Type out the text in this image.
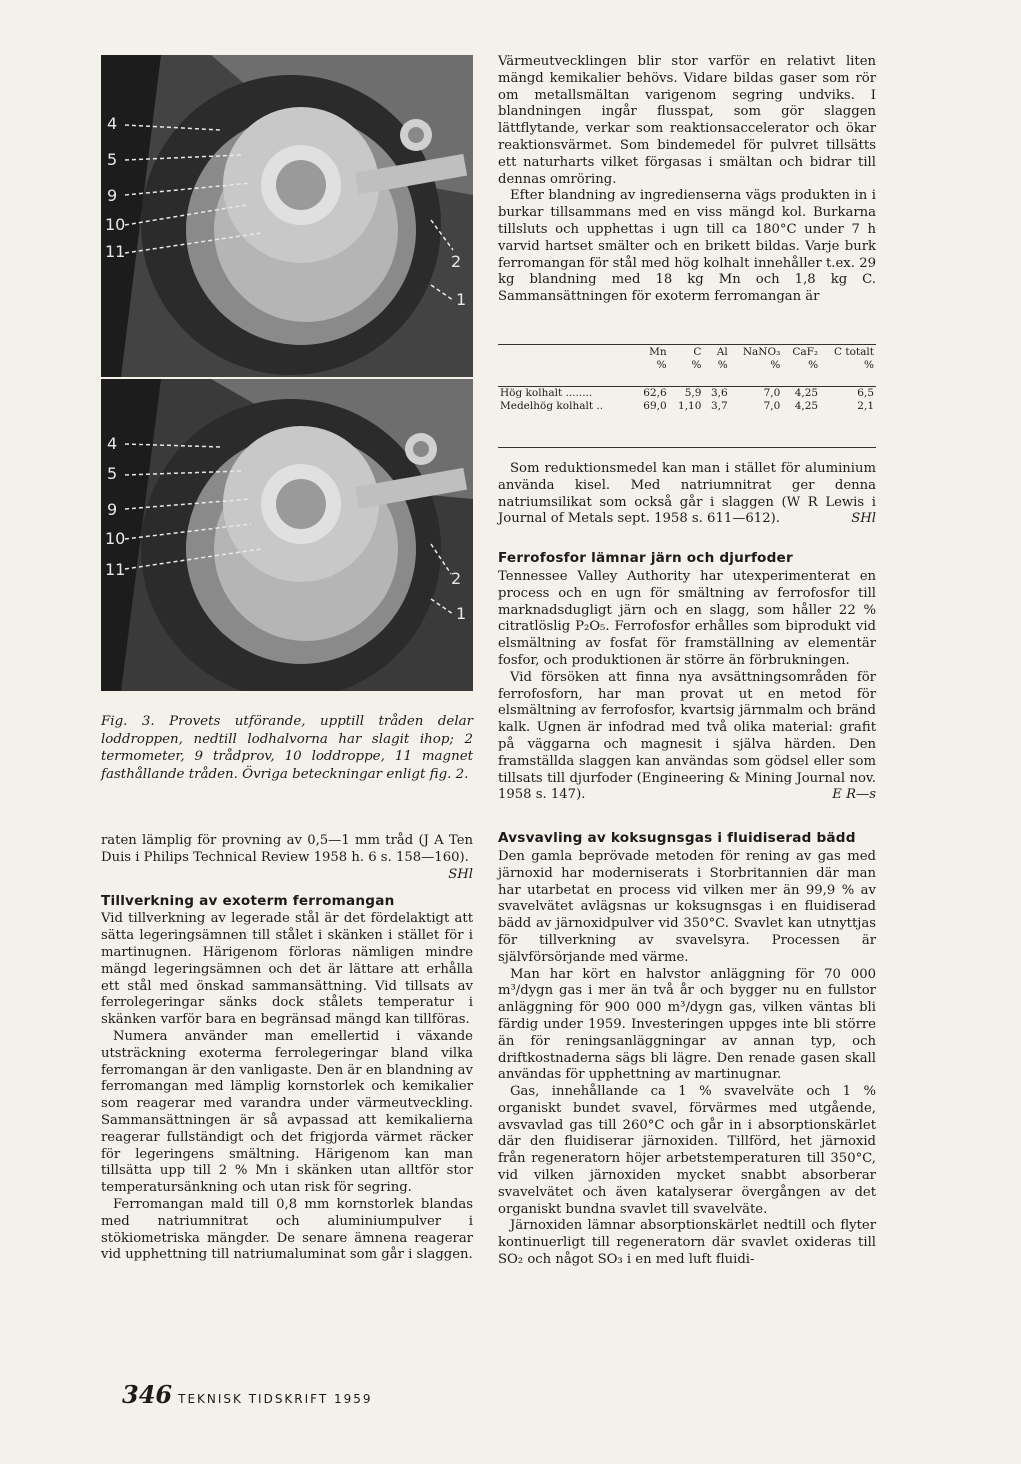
4
5
9
10
11
2
1
4
5
9
10
11	2
1
Fig. 3. Provets utförande, upptill tråden delar loddroppen, nedtill lodhalvorna har slagit ihop; 2 termometer, 9 trådprov, 10 loddroppe, 11 magnet fasthållande tråden. Övriga beteckningar enligt fig. 2.

raten lämplig för provning av 0,5—1 mm tråd (J A Ten Duis i Philips Technical Review 1958 h. 6 s. 158—160).
SHl

Tillverkning av exoterm ferromangan

Vid tillverkning av legerade stål är det fördelaktigt att sätta legeringsämnen till stålet i skänken i stället för i martinugnen. Härigenom förloras nämligen mindre mängd legeringsämnen och det är lättare att erhålla ett stål med önskad sammansättning. Vid tillsats av ferrolegeringar sänks dock stålets temperatur i skänken varför bara en begränsad mängd kan tillföras.

Numera använder man emellertid i växande utsträckning exoterma ferrolegeringar bland vilka ferromangan är den vanligaste. Den är en blandning av ferromangan med lämplig kornstorlek och kemikalier som reagerar med varandra under värmeutveckling. Sammansättningen är så avpassad att kemikalierna reagerar fullständigt och det frigjorda värmet räcker för legeringens smältning. Härigenom kan man tillsätta upp till 2 % Mn i skänken utan alltför stor temperatursänkning och utan risk för segring.

Ferromangan mald till 0,8 mm kornstorlek blandas med natriumnitrat och aluminiumpulver i stökiometriska mängder. De senare ämnena reagerar vid upphettning till natriumaluminat som går i slaggen.

Värmeutvecklingen blir stor varför en relativt liten mängd kemikalier behövs. Vidare bildas gaser som rör om metallsmältan varigenom segring undviks. I blandningen ingår flusspat, som gör slaggen lättflytande, verkar som reaktionsaccelerator och ökar reaktionsvärmet. Som bindemedel för pulvret tillsätts ett naturharts vilket förgasas i smältan och bidrar till dennas omröring.

Efter blandning av ingredienserna vägs produkten in i burkar tillsammans med en viss mängd kol. Burkarna tillsluts och upphettas i ugn till ca 180°C under 7 h varvid hartset smälter och en brikett bildas. Varje burk ferromangan för stål med hög kolhalt innehåller t.ex. 29 kg blandning med 18 kg Mn och 1,8 kg C. Sammansättningen för exoterm ferromangan är

	Mn	C	Al	NaNO₃	CaF₂	C totalt
	%	%	%	%	%	%

Hög kolhalt ........	62,6	5,9	3,6	7,0	4,25	6,5
Medelhög kolhalt ..	69,0	1,10	3,7	7,0	4,25	2,1

Som reduktionsmedel kan man i stället för aluminium använda kisel. Med natriumnitrat ger denna natriumsilikat som också går i slaggen (W R Lewis i Journal of Metals sept. 1958 s. 611—612).	SHl

Ferrofosfor lämnar järn och djurfoder

Tennessee Valley Authority har utexperimenterat en process och en ugn för smältning av ferrofosfor till marknadsdugligt järn och en slagg, som håller 22 % citratlöslig P₂O₅. Ferrofosfor erhålles som biprodukt vid elsmältning av fosfat för framställning av elementär fosfor, och produktionen är större än förbrukningen.

Vid försöken att finna nya avsättningsområden för ferrofosforn, har man provat ut en metod för elsmältning av ferrofosfor, kvartsig järnmalm och bränd kalk. Ugnen är infodrad med två olika material: grafit på väggarna och magnesit i själva härden. Den framställda slaggen kan användas som gödsel eller som tillsats till djurfoder (Engineering & Mining Journal nov. 1958 s. 147).	E R—s

Avsvavling av koksugnsgas i fluidiserad bädd

Den gamla beprövade metoden för rening av gas med järnoxid har moderniserats i Storbritannien där man har utarbetat en process vid vilken mer än 99,9 % av svavelvätet avlägsnas ur koksugnsgas i en fluidiserad bädd av järnoxidpulver vid 350°C. Svavlet kan utnyttjas för tillverkning av svavelsyra. Processen är självförsörjande med värme.

Man har kört en halvstor anläggning för 70 000 m³/dygn gas i mer än två år och bygger nu en fullstor anläggning för 900 000 m³/dygn gas, vilken väntas bli färdig under 1959. Investeringen uppges inte bli större än för reningsanläggningar av annan typ, och driftkostnaderna sägs bli lägre. Den renade gasen skall användas för upphettning av martinugnar.

Gas, innehållande ca 1 % svavelväte och 1 % organiskt bundet svavel, förvärmes med utgående, avsvavlad gas till 260°C och går in i absorptionskärlet där den fluidiserar järnoxiden. Tillförd, het järnoxid från regeneratorn höjer arbetstemperaturen till 350°C, vid vilken järnoxiden mycket snabbt absorberar svavelvätet och även katalyserar övergången av det organiskt bundna svavlet till svavelväte.

Järnoxiden lämnar absorptionskärlet nedtill och flyter kontinuerligt till regeneratorn där svavlet oxideras till SO₂ och något SO₃ i en med luft fluidi-

346 TEKNISK TIDSKRIFT 1959
